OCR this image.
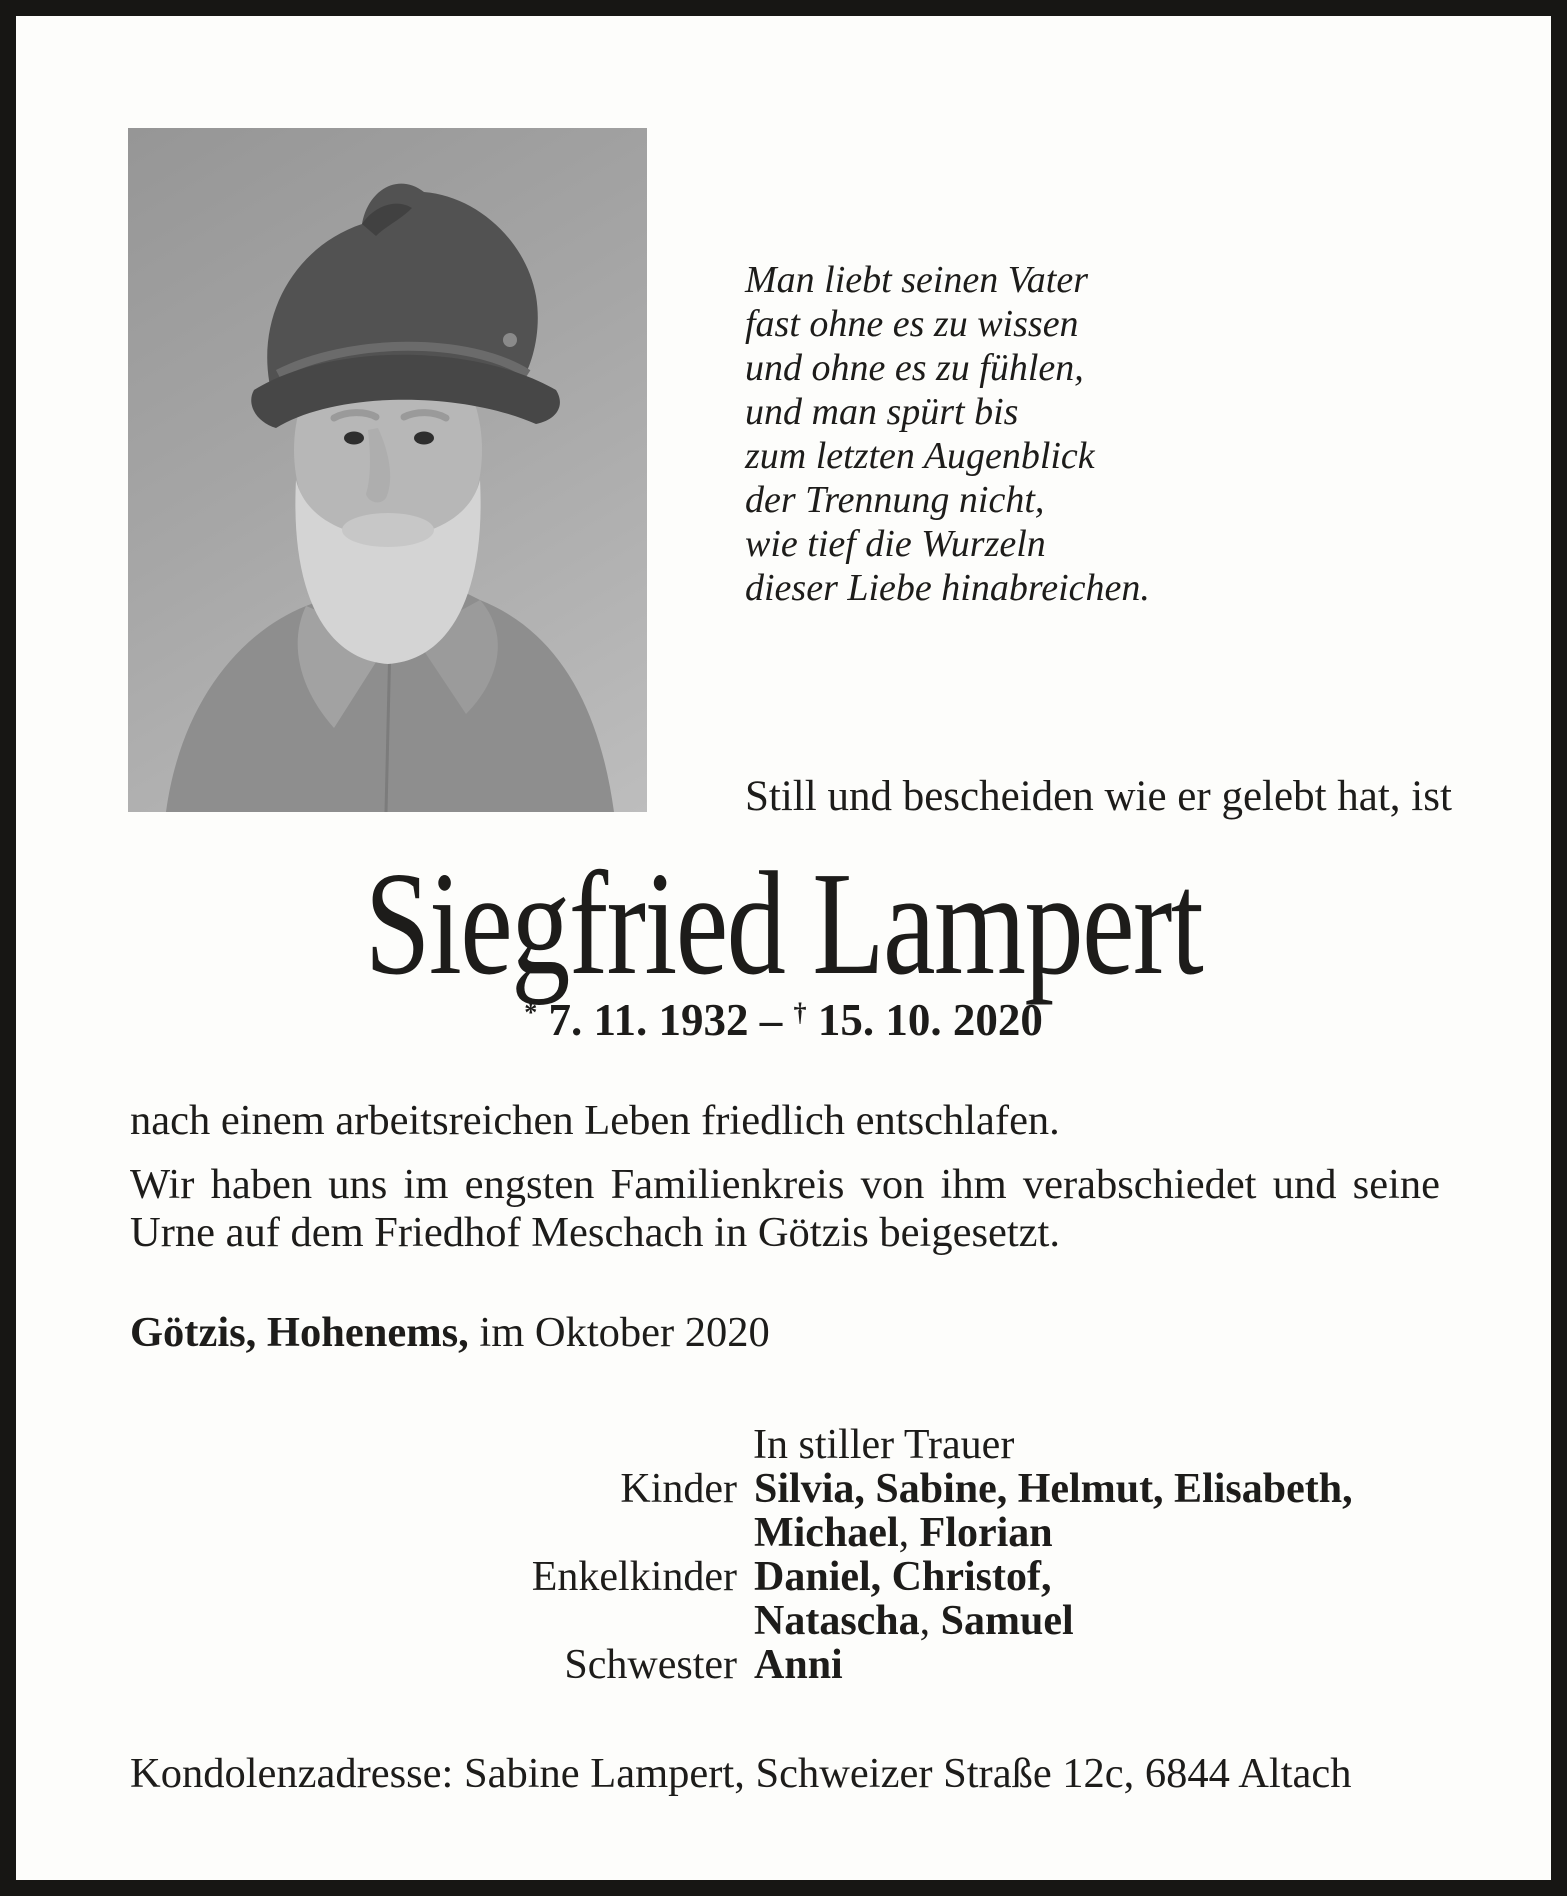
Man liebt seinen Vater
fast ohne es zu wissen
und ohne es zu fühlen,
und man spürt bis
zum letzten Augenblick
der Trennung nicht,
wie tief die Wurzeln
dieser Liebe hinabreichen.
Still und bescheiden wie er gelebt hat, ist
Siegfried Lampert
* 7. 11. 1932 – † 15. 10. 2020
nach einem arbeitsreichen Leben friedlich entschlafen.
Wir haben uns im engsten Familienkreis von ihm verabschiedet und seine
Urne auf dem Friedhof Meschach in Götzis beigesetzt.
Götzis, Hohenems, im Oktober 2020
In stiller Trauer
Kinder Silvia, Sabine, Helmut, Elisabeth,
Michael, Florian
Enkelkinder Daniel, Christof,
Natascha, Samuel
Schwester Anni
Kondolenzadresse: Sabine Lampert, Schweizer Straße 12c, 6844 Altach
